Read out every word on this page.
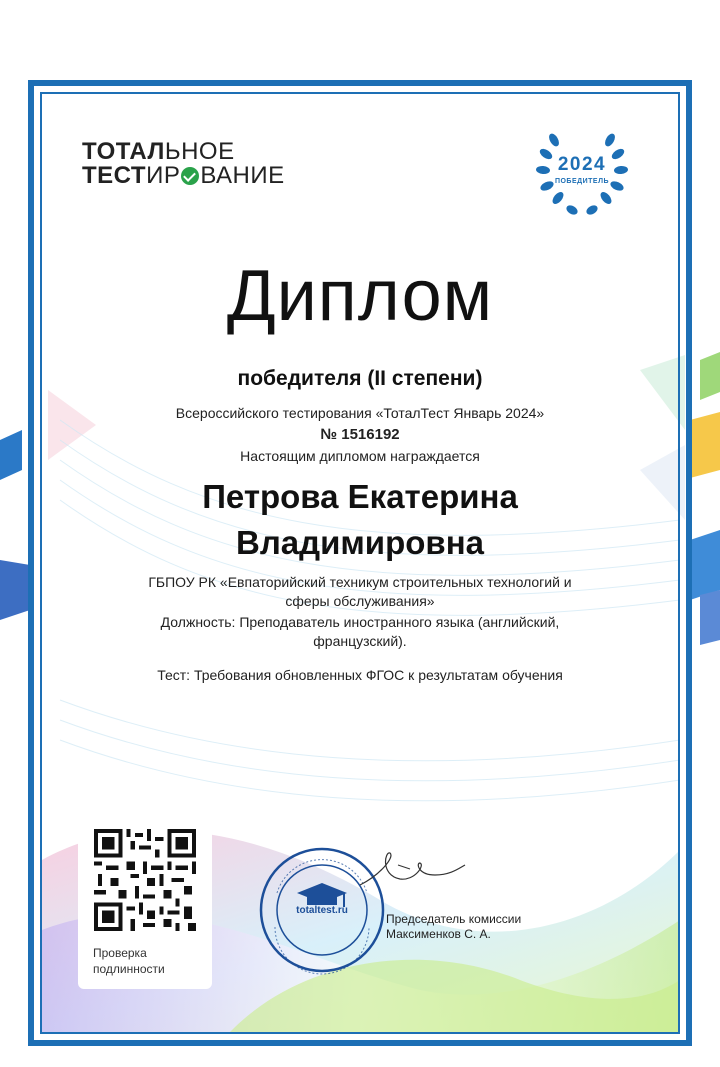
ТОТАЛЬНОЕ
ТЕСТИР ВАНИЕ	2024
ПОБЕДИТЕЛЬ
Диплом
победителя (II степени)
Всероссийского тестирования «ТоталТест Январь 2024»
№ 1516192
Настоящим дипломом награждается
Петрова Екатерина
Владимировна
ГБПОУ РК «Евпаторийский техникум строительных технологий и
сферы обслуживания»
Должность: Преподаватель иностранного языка (английский,
французский).
Тест: Требования обновленных ФГОС к результатам обучения
Проверка
подлинности
totaltest.ru
Председатель комиссии
Максименков С. А.
